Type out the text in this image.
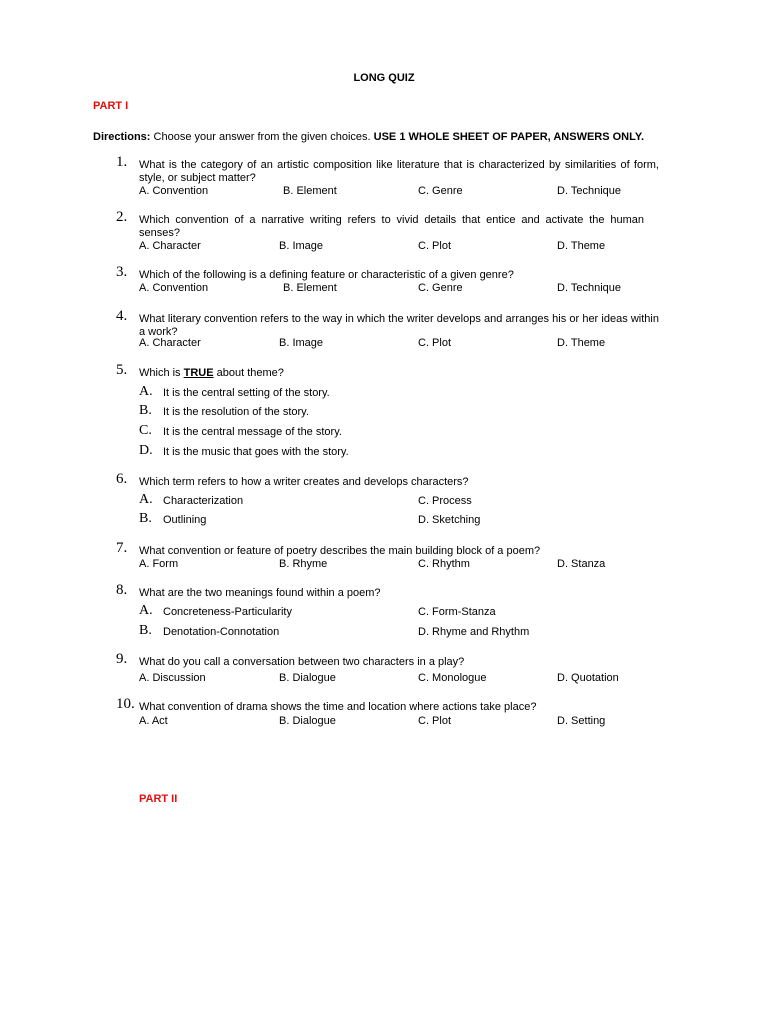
LONG QUIZ
PART I
Directions: Choose your answer from the given choices. USE 1 WHOLE SHEET OF PAPER, ANSWERS ONLY.
1. What is the category of an artistic composition like literature that is characterized by similarities of form, style, or subject matter?
A. Convention	B. Element	C. Genre	D. Technique
2. Which convention of a narrative writing refers to vivid details that entice and activate the human senses?
A. Character	B. Image	C. Plot	D. Theme
3. Which of the following is a defining feature or characteristic of a given genre?
A. Convention	B. Element	C. Genre	D. Technique
4. What literary convention refers to the way in which the writer develops and arranges his or her ideas within a work?
A. Character	B. Image	C. Plot	D. Theme
5. Which is TRUE about theme?
A. It is the central setting of the story.
B. It is the resolution of the story.
C. It is the central message of the story.
D. It is the music that goes with the story.
6. Which term refers to how a writer creates and develops characters?
A. Characterization
B. Outlining
C. Process
D. Sketching
7. What convention or feature of poetry describes the main building block of a poem?
A. Form	B. Rhyme	C. Rhythm	D. Stanza
8. What are the two meanings found within a poem?
A. Concreteness-Particularity
B. Denotation-Connotation
C. Form-Stanza
D. Rhyme and Rhythm
9. What do you call a conversation between two characters in a play?
A. Discussion	B. Dialogue	C. Monologue	D. Quotation
10. What convention of drama shows the time and location where actions take place?
A. Act	B. Dialogue	C. Plot	D. Setting
PART II
